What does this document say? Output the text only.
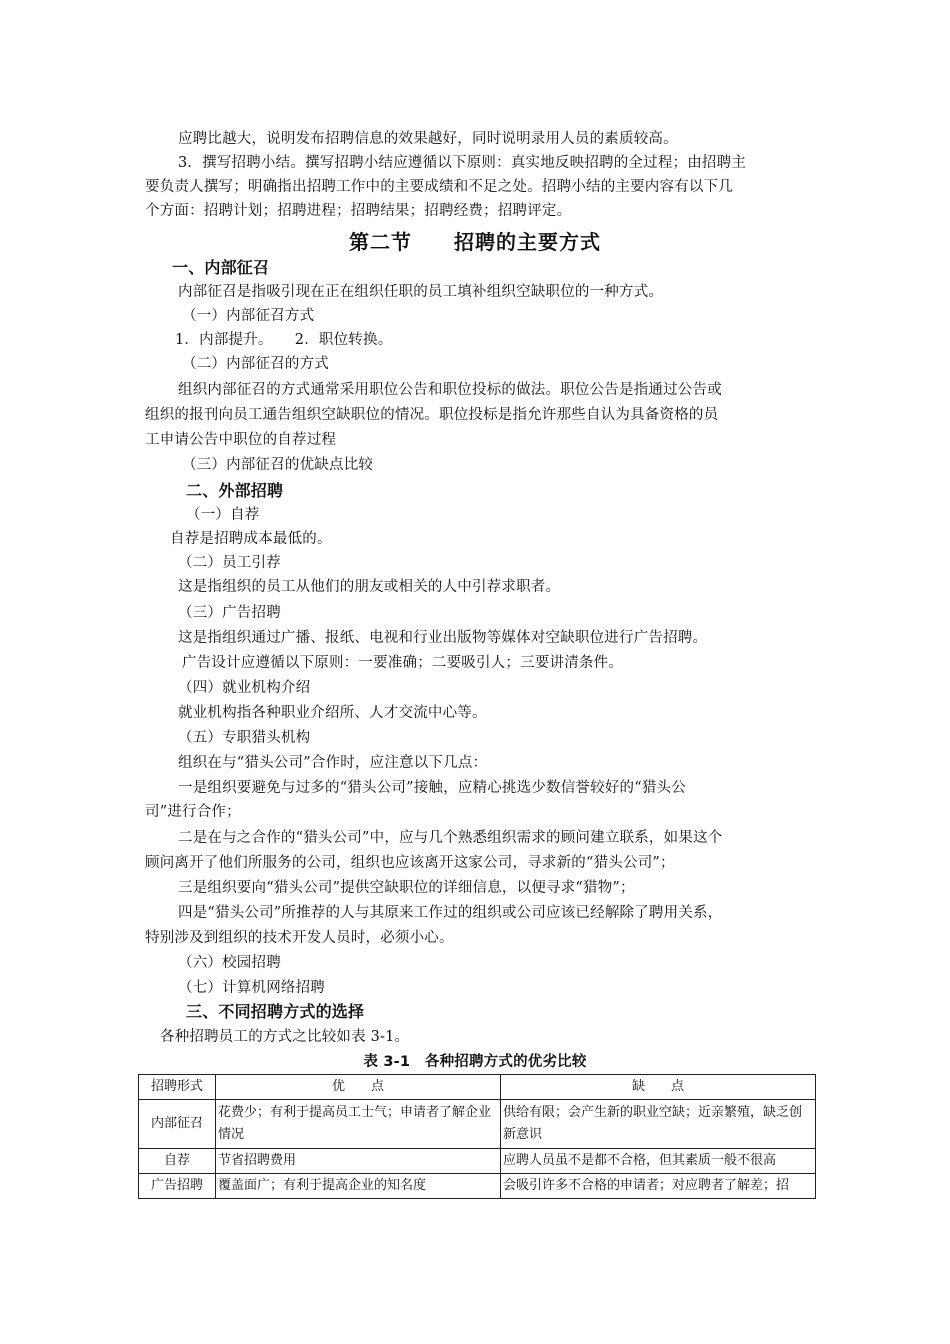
应聘比越大，说明发布招聘信息的效果越好，同时说明录用人员的素质较高。
3．撰写招聘小结。撰写招聘小结应遵循以下原则：真实地反映招聘的全过程；由招聘主
要负责人撰写；明确指出招聘工作中的主要成绩和不足之处。招聘小结的主要内容有以下几
个方面：招聘计划；招聘进程；招聘结果；招聘经费；招聘评定。
第二节　　招聘的主要方式
一、内部征召
内部征召是指吸引现在正在组织任职的员工填补组织空缺职位的一种方式。
（一）内部征召方式
1．内部提升。　　2．职位转换。
（二）内部征召的方式
组织内部征召的方式通常采用职位公告和职位投标的做法。职位公告是指通过公告或
组织的报刊向员工通告组织空缺职位的情况。职位投标是指允许那些自认为具备资格的员
工申请公告中职位的自荐过程
（三）内部征召的优缺点比较
二、外部招聘
（一）自荐
自荐是招聘成本最低的。
（二）员工引荐
这是指组织的员工从他们的朋友或相关的人中引荐求职者。
（三）广告招聘
这是指组织通过广播、报纸、电视和行业出版物等媒体对空缺职位进行广告招聘。
广告设计应遵循以下原则：一要准确；二要吸引人；三要讲清条件。
（四）就业机构介绍
就业机构指各种职业介绍所、人才交流中心等。
（五）专职猎头机构
组织在与“猎头公司”合作时，应注意以下几点：
一是组织要避免与过多的“猎头公司”接触，应精心挑选少数信誉较好的“猎头公
司”进行合作；
二是在与之合作的“猎头公司”中，应与几个熟悉组织需求的顾问建立联系，如果这个
顾问离开了他们所服务的公司，组织也应该离开这家公司，寻求新的“猎头公司”；
三是组织要向“猎头公司”提供空缺职位的详细信息，以便寻求“猎物”；
四是“猎头公司”所推荐的人与其原来工作过的组织或公司应该已经解除了聘用关系，
特别涉及到组织的技术开发人员时，必须小心。
（六）校园招聘
（七）计算机网络招聘
三、不同招聘方式的选择
各种招聘员工的方式之比较如表 3-1。
表 3-1　各种招聘方式的优劣比较
招聘形式	优　　点	缺　　点
内部征召	花费少；有利于提高员工士气；申请者了解企业情况	供给有限；会产生新的职业空缺；近亲繁殖，缺乏创新意识
自荐	节省招聘费用	应聘人员虽不是都不合格，但其素质一般不很高
广告招聘	覆盖面广；有利于提高企业的知名度	会吸引许多不合格的申请者；对应聘者了解差；招
